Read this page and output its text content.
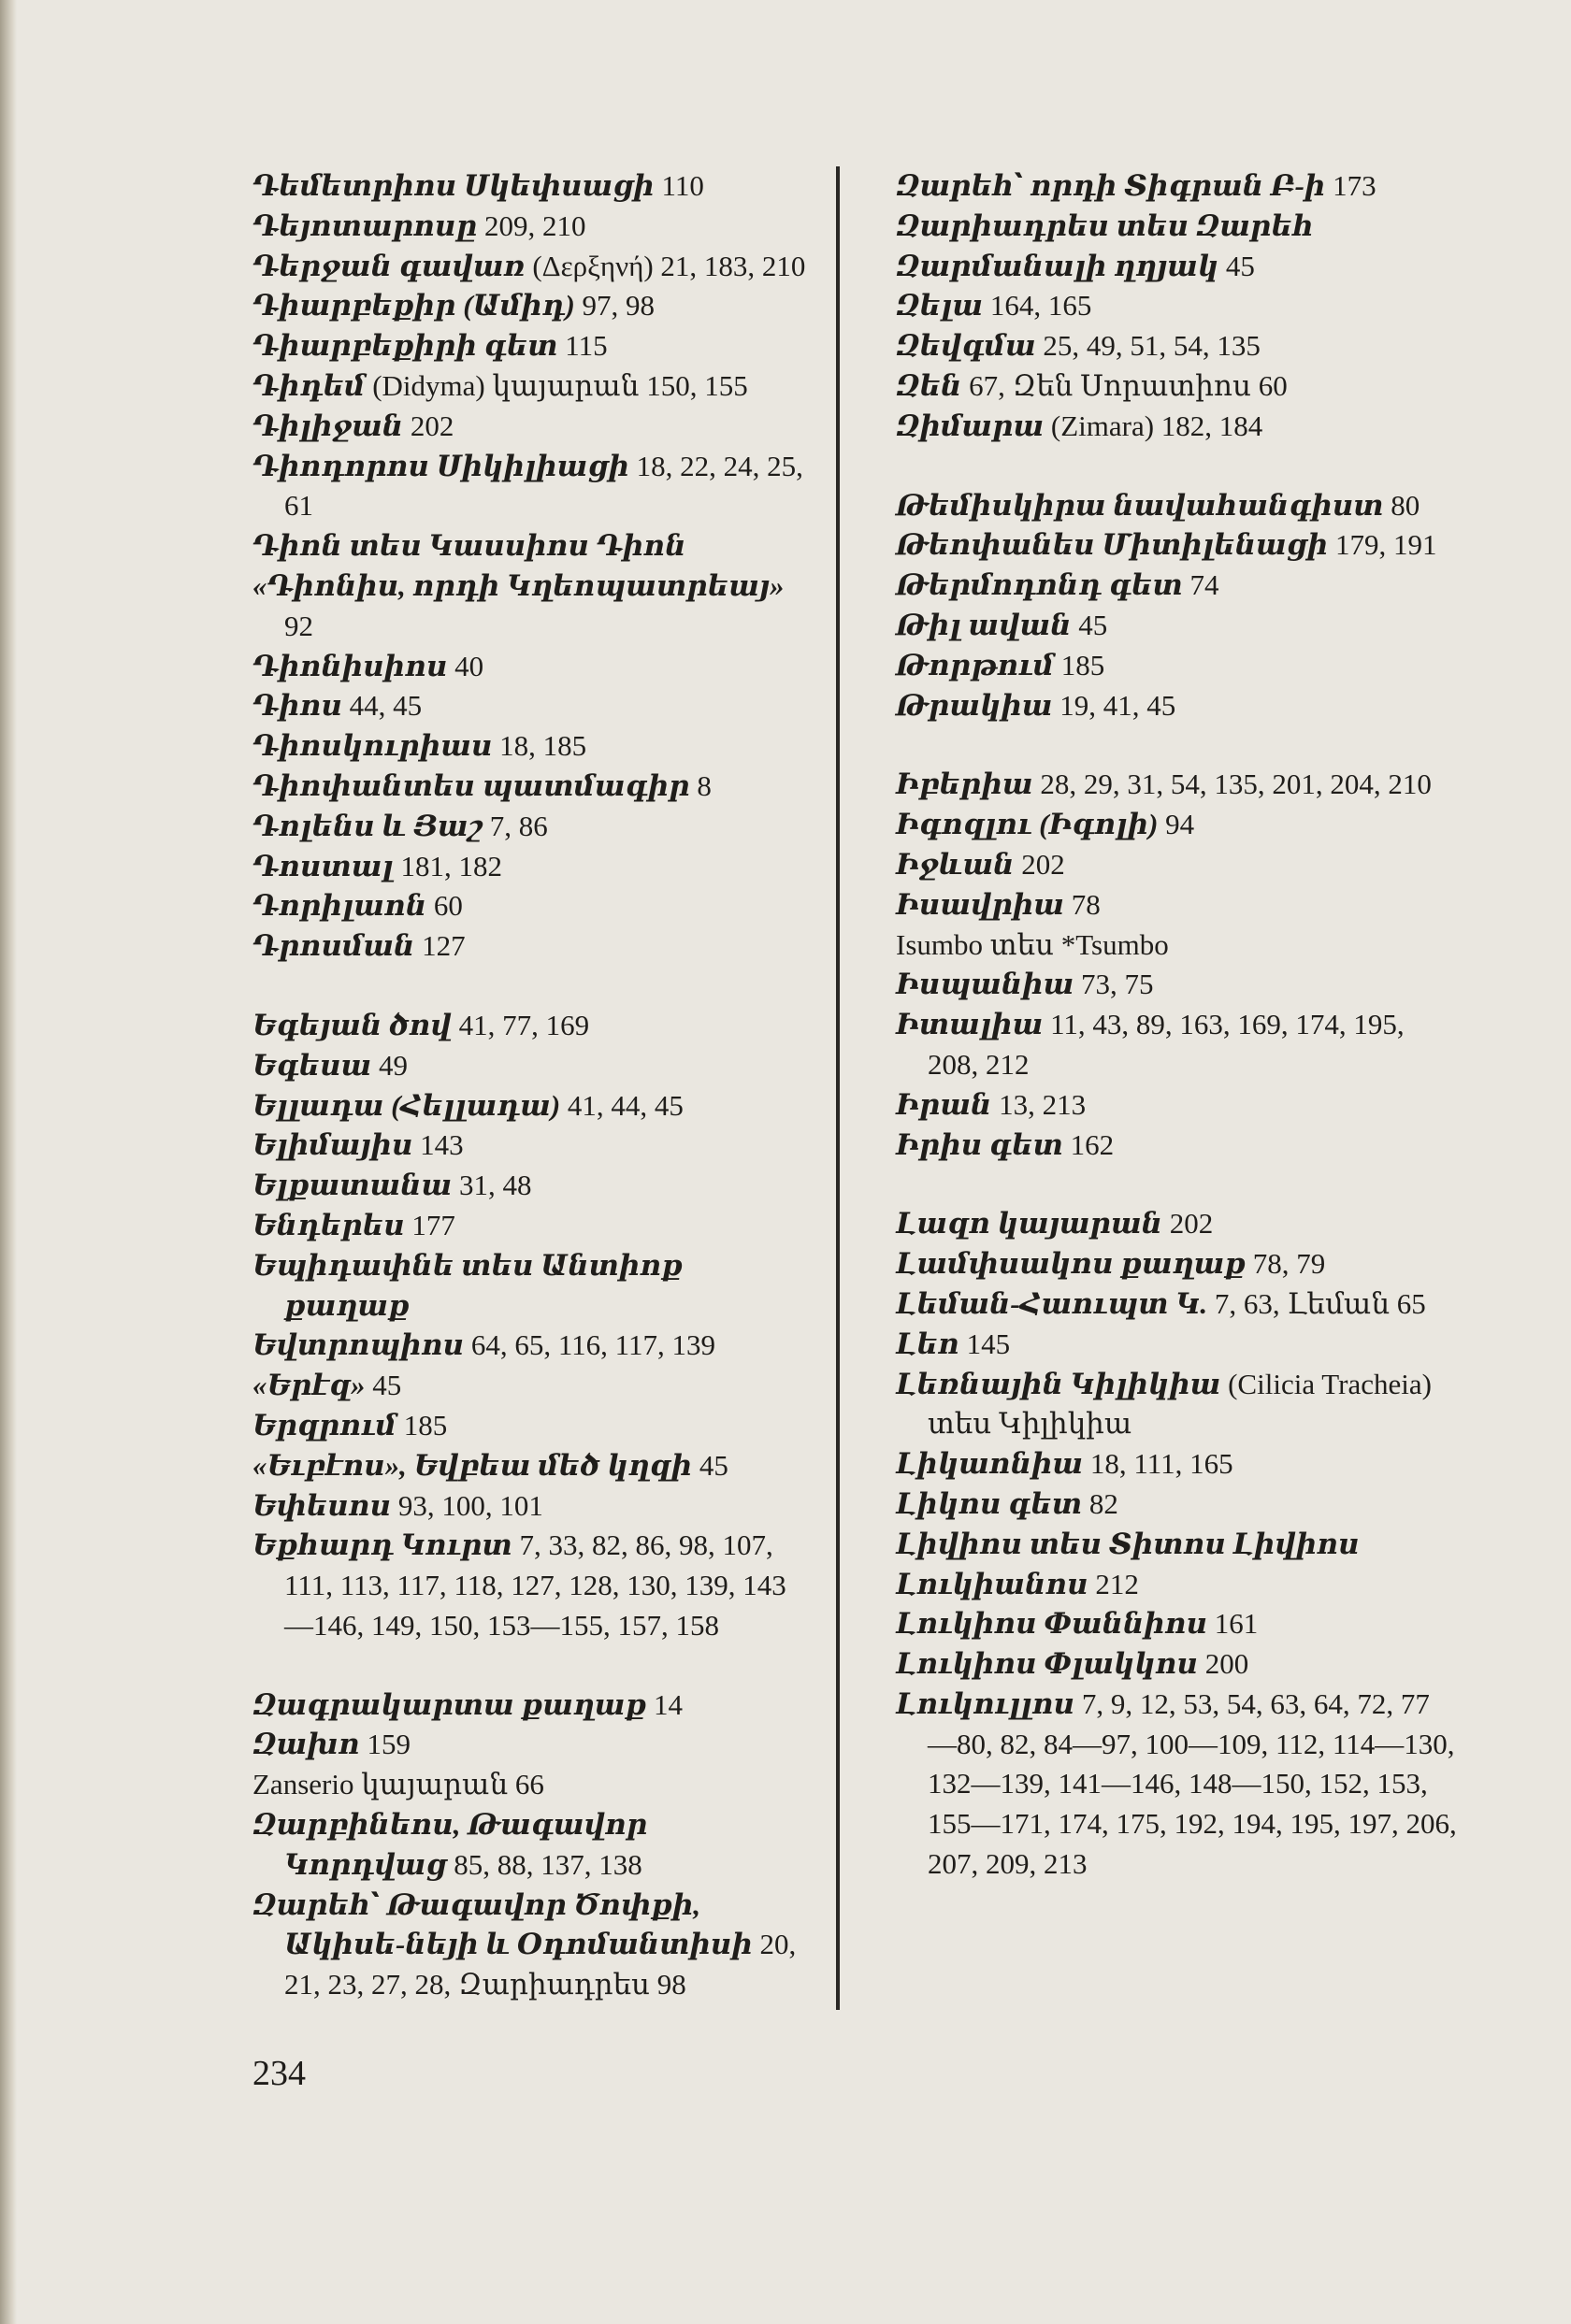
Դեմետրիոս Սկեփսացի 110
Դեյոտարոսը 209, 210
Դերջան գավառ (Δερξηνή) 21, 183, 210
Դիարբեքիր (Ամիդ) 97, 98
Դիարբեքիրի գետ 115
Դիդեմ (Didyma) կայարան 150, 155
Դիլիջան 202
Դիոդորոս Սիկիլիացի 18, 22, 24, 25, 61
Դիոն տես Կասսիոս Դիոն
«Դիոնիս, որդի Կղեոպատրեայ» 92
Դիոնիսիոս 40
Դիոս 44, 45
Դիոսկուրիաս 18, 185
Դիոփանտես պատմագիր 8
Դոլենս և Յաշ 7, 86
Դոստալ 181, 182
Դորիլաոն 60
Դրոսման 127
Եգեյան ծով 41, 77, 169
Եգեսա 49
Ելլադա (Հելլադա) 41, 44, 45
Ելիմայիս 143
Ելքատանա 31, 48
Ենդերես 177
Եպիդափնե տես Անտիոք քաղաք
Եվտրոպիոս 64, 65, 116, 117, 139
«Երէզ» 45
Երզրում 185
«Եւբէոս», Եվբեա մեծ կղզի 45
Եփեսոս 93, 100, 101
Եքհարդ Կուրտ 7, 33, 82, 86, 98, 107, 111, 113, 117, 118, 127, 128, 130, 139, 143—146, 149, 150, 153—155, 157, 158
Զագրակարտա քաղաք 14
Զախո 159
Zanserio կայարան 66
Զարբինեոս, Թագավոր Կորդվաց 85, 88, 137, 138
Զարեհ՝ Թագավոր Ծոփքի, Ակիսե-նեյի և Օդոմանտիսի 20, 21, 23, 27, 28, Զարիադրես 98
Զարեհ՝ որդի Տիգրան Բ-ի 173
Զարիադրես տես Զարեհ
Զարմանալի ղղյակ 45
Զելա 164, 165
Զեվգմա 25, 49, 51, 54, 135
Զեն 67, Զեն Սորատիոս 60
Զիմարա (Zimara) 182, 184
Թեմիսկիրա նավահանգիստ 80
Թեոփանես Միտիլենացի 179, 191
Թերմոդոնդ գետ 74
Թիլ ավան 45
Թորթում 185
Թրակիա 19, 41, 45
Իբերիա 28, 29, 31, 54, 135, 201, 204, 210
Իգոզլու (Իգոլի) 94
Իջևան 202
Իսավրիա 78
Isumbo տես *Tsumbo
Իսպանիա 73, 75
Իտալիա 11, 43, 89, 163, 169, 174, 195, 208, 212
Իրան 13, 213
Իրիս գետ 162
Լազո կայարան 202
Լամփսակոս քաղաք 78, 79
Լեման-Հաուպտ Կ. 7, 63, Լեման 65
Լեո 145
Լեռնային Կիլիկիա (Cilicia Tracheia) տես Կիլիկիա
Լիկաոնիա 18, 111, 165
Լիկոս գետ 82
Լիվիոս տես Տիտոս Լիվիոս
Լուկիանոս 212
Լուկիոս Փաննիոս 161
Լուկիոս Փլակկոս 200
Լուկուլլոս 7, 9, 12, 53, 54, 63, 64, 72, 77—80, 82, 84—97, 100—109, 112, 114—130, 132—139, 141—146, 148—150, 152, 153, 155—171, 174, 175, 192, 194, 195, 197, 206, 207, 209, 213
234
